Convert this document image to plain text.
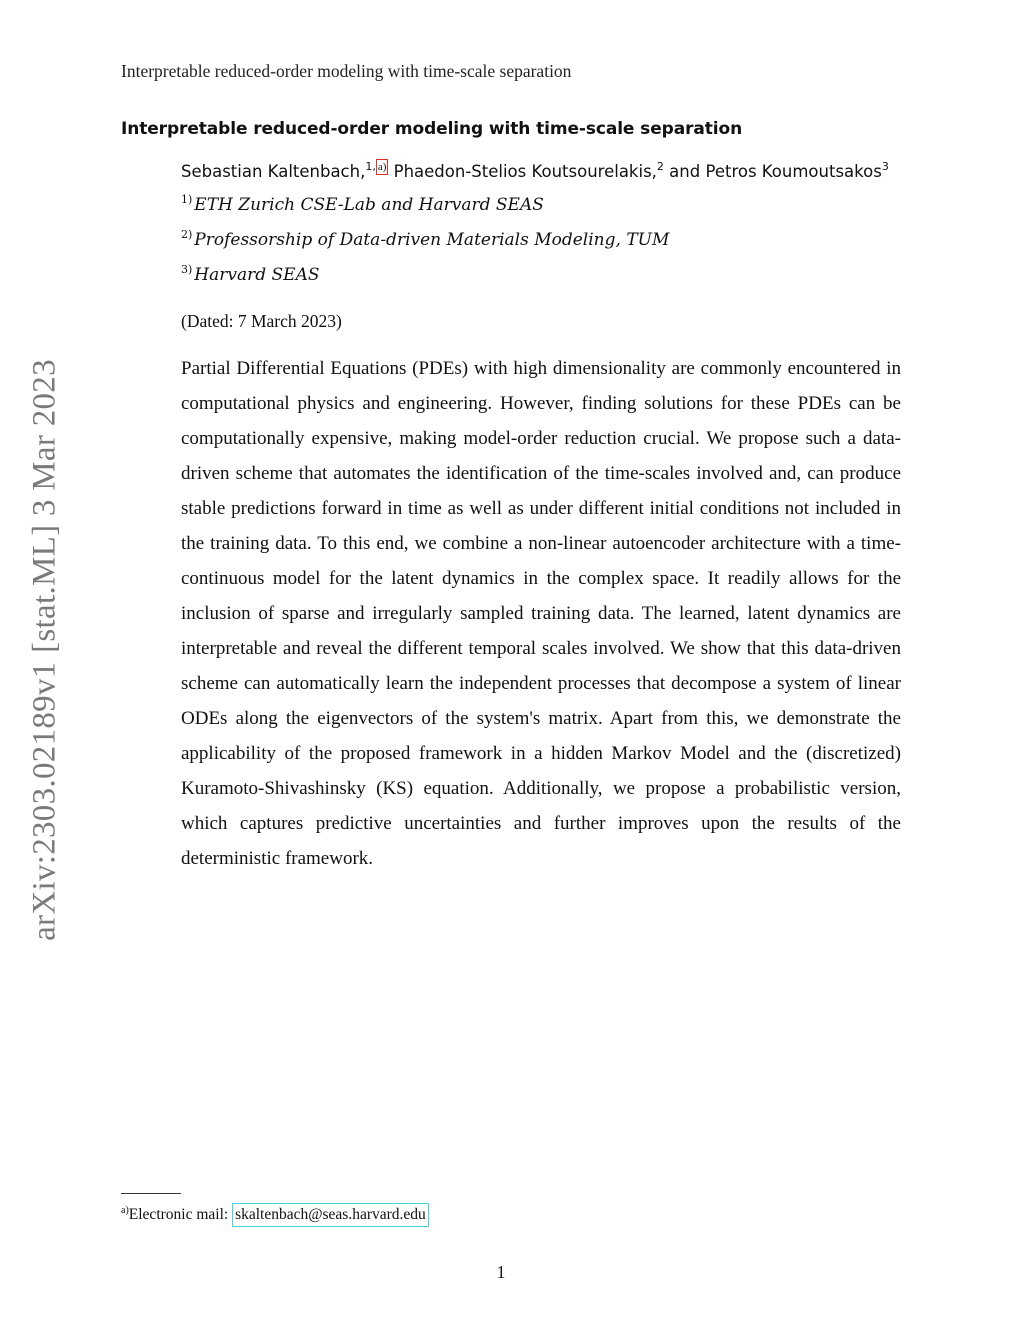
Interpretable reduced-order modeling with time-scale separation
Interpretable reduced-order modeling with time-scale separation
Sebastian Kaltenbach,$^{1,}$ $^{a)}$ Phaedon-Stelios Koutsourelakis,$^2$ and Petros Koumoutsakos$^3$
$^{1)}$ ETH Zurich CSE-Lab and Harvard SEAS
$^{2)}$ Professorship of Data-driven Materials Modeling, TUM
$^{3)}$ Harvard SEAS
(Dated: 7 March 2023)
Partial Differential Equations (PDEs) with high dimensionality are commonly encountered in computational physics and engineering. However, finding solutions for these PDEs can be computationally expensive, making model-order reduction crucial. We propose such a data-driven scheme that automates the identification of the time-scales involved and, can produce stable predictions forward in time as well as under different initial conditions not included in the training data. To this end, we combine a non-linear autoencoder architecture with a time-continuous model for the latent dynamics in the complex space. It readily allows for the inclusion of sparse and irregularly sampled training data. The learned, latent dynamics are interpretable and reveal the different temporal scales involved. We show that this data-driven scheme can automatically learn the independent processes that decompose a system of linear ODEs along the eigenvectors of the system's matrix. Apart from this, we demonstrate the applicability of the proposed framework in a hidden Markov Model and the (discretized) Kuramoto-Shivashinsky (KS) equation. Additionally, we propose a probabilistic version, which captures predictive uncertainties and further improves upon the results of the deterministic framework.
arXiv:2303.02189v1 [stat.ML] 3 Mar 2023
$^{a)}$Electronic mail: skaltenbach@seas.harvard.edu
1
